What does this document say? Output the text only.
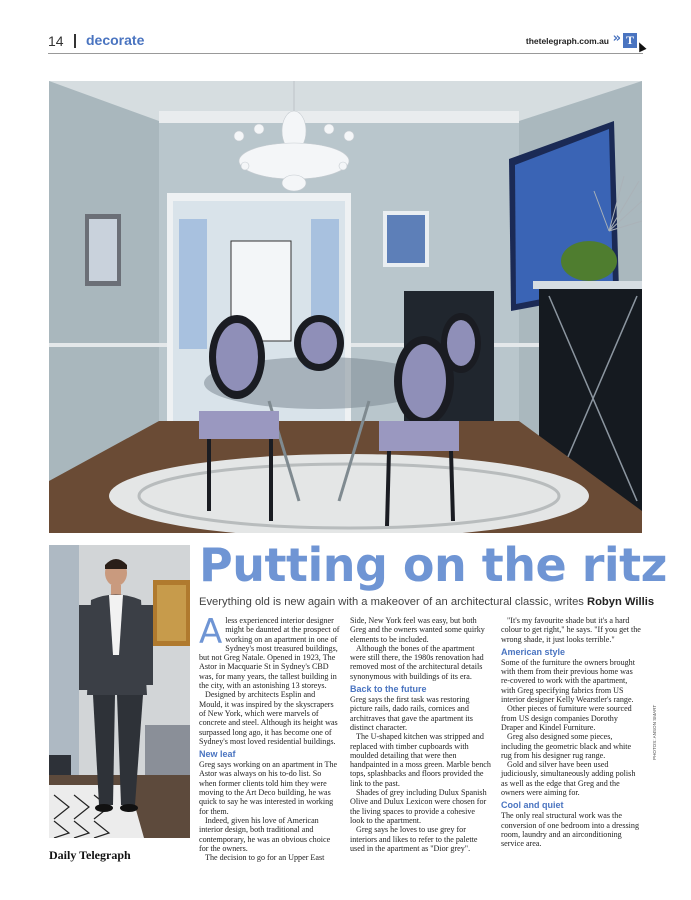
14 decorate	thetelegraph.com.au » T
Putting on the ritz
Everything old is new again with a makeover of an architectural classic, writes Robyn Willis

Aless experienced interior designer might be daunted at the prospect of working on an apartment in one of Sydney's most treasured buildings, but not Greg Natale. Opened in 1923, The Astor in Macquarie St in Sydney's CBD was, for many years, the tallest building in the city, with an astonishing 13 storeys.

Designed by architects Esplin and Mould, it was inspired by the skyscrapers of New York, which were marvels of concrete and steel. Although its height was surpassed long ago, it has become one of Sydney's most loved residential buildings.

New leaf

Greg says working on an apartment in The Astor was always on his to-do list. So when former clients told him they were moving to the Art Deco building, he was quick to say he was interested in working for them.

Indeed, given his love of American interior design, both traditional and contemporary, he was an obvious choice for the owners.

The decision to go for an Upper East

Side, New York feel was easy, but both Greg and the owners wanted some quirky elements to be included.

Although the bones of the apartment were still there, the 1980s renovation had removed most of the architectural details synonymous with buildings of its era.

Back to the future

Greg says the first task was restoring picture rails, dado rails, cornices and architraves that gave the apartment its distinct character.

The U-shaped kitchen was stripped and replaced with timber cupboards with moulded detailing that were then handpainted in a moss green. Marble bench tops, splashbacks and floors provided the link to the past.

Shades of grey including Dulux Spanish Olive and Dulux Lexicon were chosen for the living spaces to provide a cohesive look to the apartment.

Greg says he loves to use grey for interiors and likes to refer to the palette used in the apartment as "Dior grey".

"It's my favourite shade but it's a hard colour to get right," he says. "If you get the wrong shade, it just looks terrible."

American style

Some of the furniture the owners brought with them from their previous home was re-covered to work with the apartment, with Greg specifying fabrics from US interior designer Kelly Wearstler's range.

Other pieces of furniture were sourced from US design companies Dorothy Draper and Kindel Furniture.

Greg also designed some pieces, including the geometric black and white rug from his designer rug range.

Gold and silver have been used judiciously, simultaneously adding polish as well as the edge that Greg and the owners were aiming for.

Cool and quiet

The only real structural work was the conversion of one bedroom into a dressing room, laundry and an airconditioning service area.

Daily Telegraph
PHOTOS: ANSON SMART
